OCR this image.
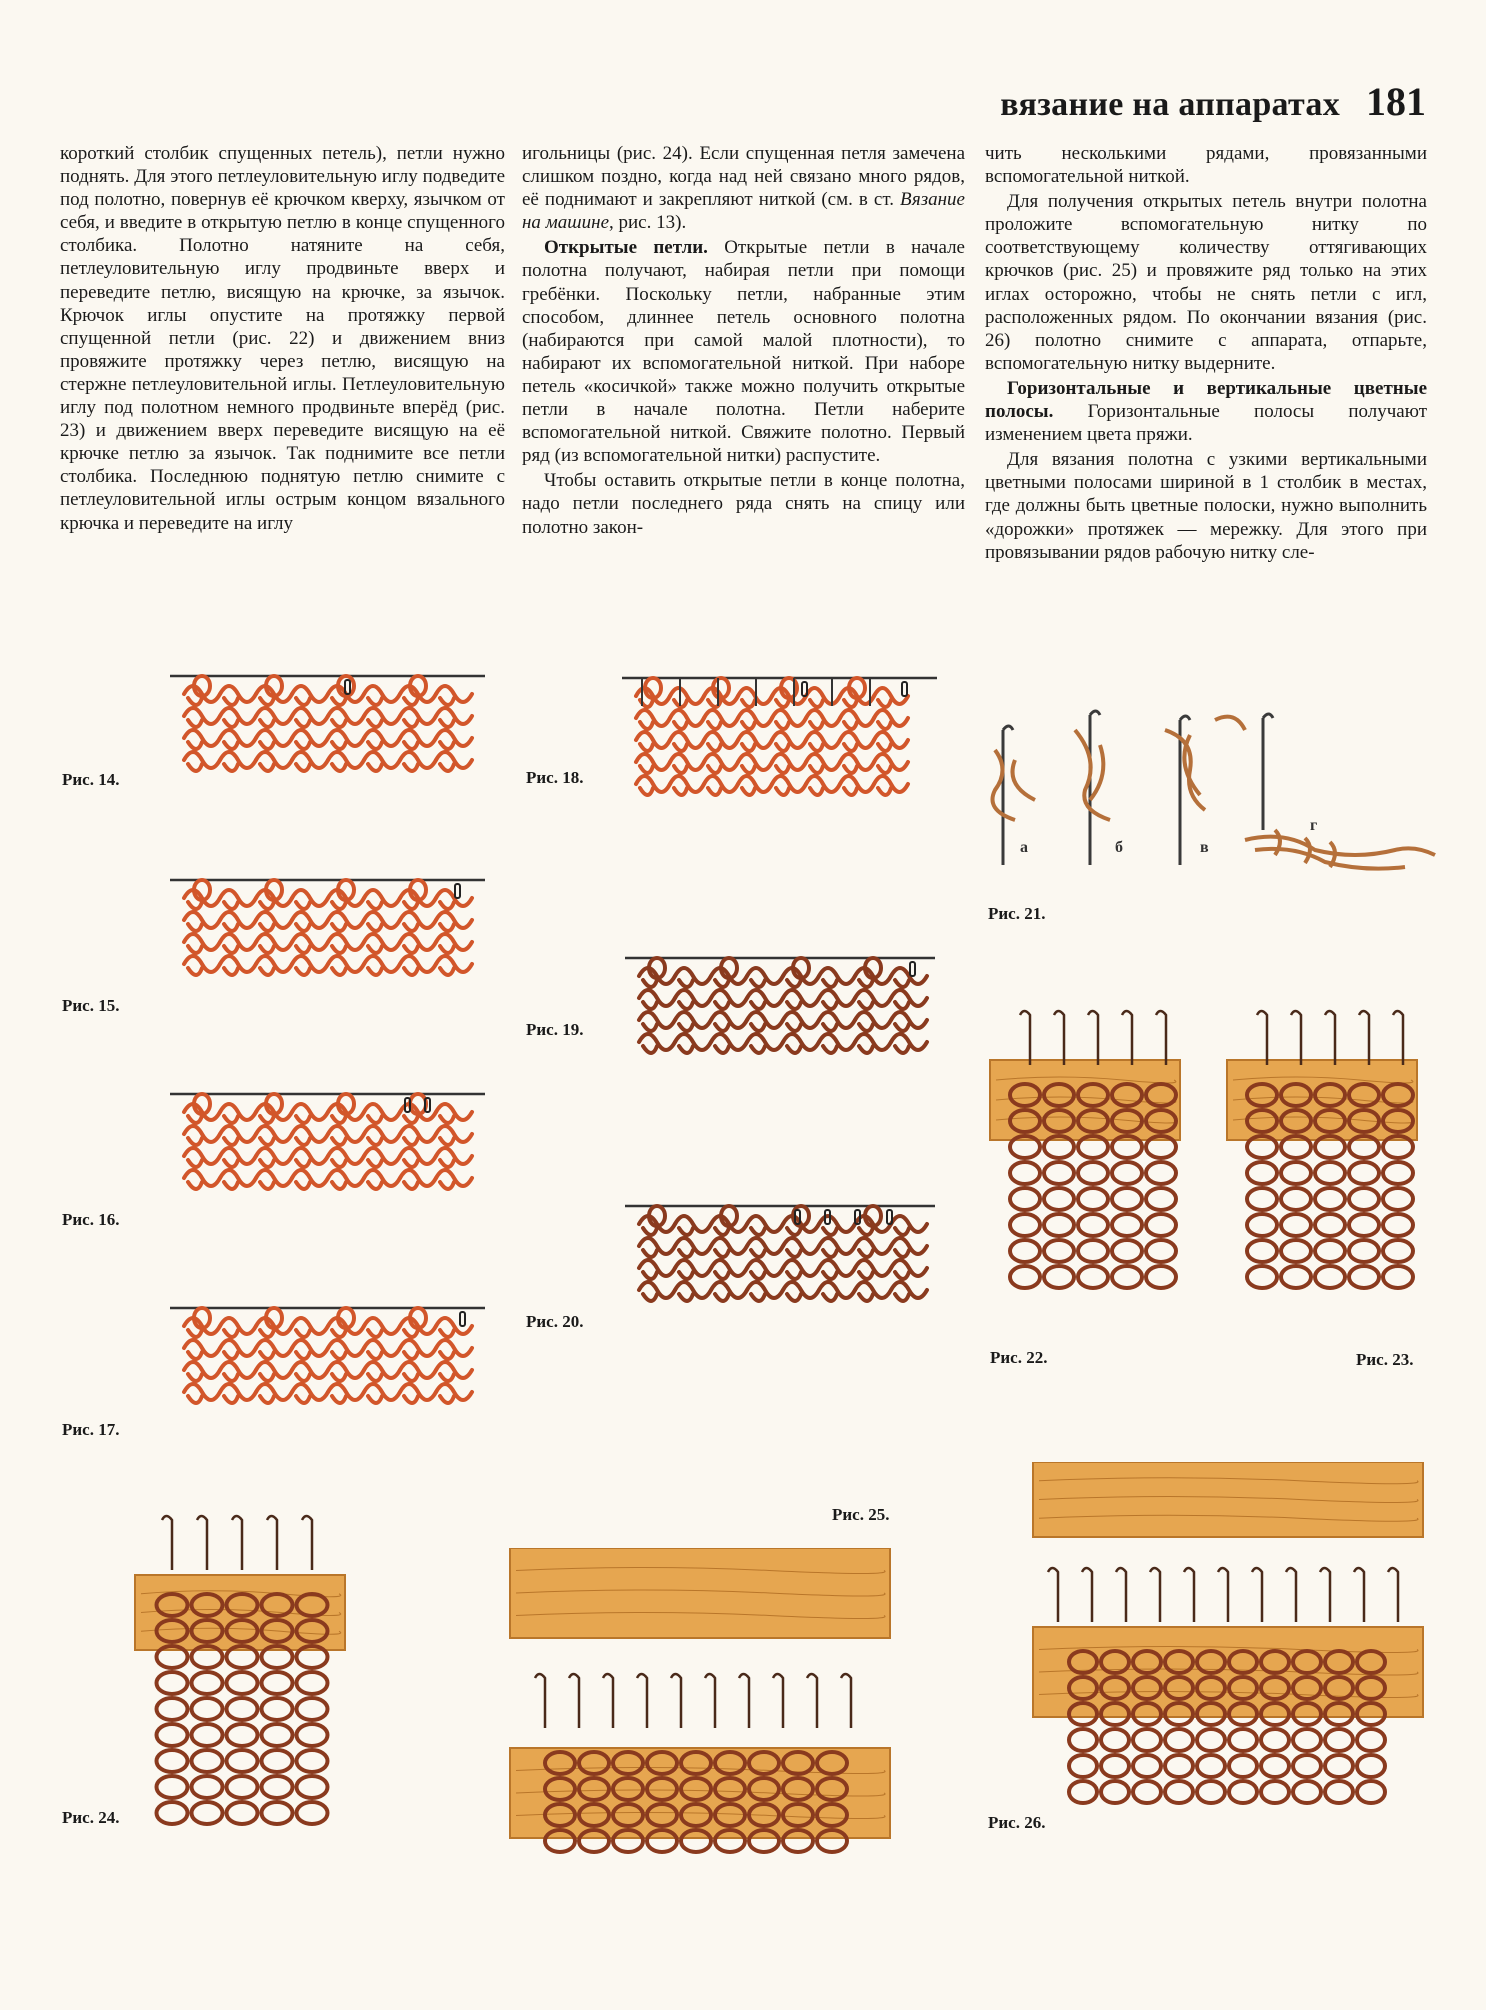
вязание на аппаратах 181

короткий столбик спущенных петель), петли нужно поднять. Для этого петлеуловительную иглу подведите под полотно, повернув её крючком кверху, язычком от себя, и введите в открытую петлю в конце спущенного столбика. Полотно натяните на себя, петлеуловительную иглу продвиньте вверх и переведите петлю, висящую на крючке, за язычок. Крючок иглы опустите на протяжку первой спущенной петли (рис. 22) и движением вниз провяжите протяжку через петлю, висящую на стержне петлеуловительной иглы. Петлеуловительную иглу под полотном немного продвиньте вперёд (рис. 23) и движением вверх переведите висящую на её крючке петлю за язычок. Так поднимите все петли столбика. Последнюю поднятую петлю снимите с петлеуловительной иглы острым концом вязального крючка и переведите на иглу

игольницы (рис. 24). Если спущенная петля замечена слишком поздно, когда над ней связано много рядов, её поднимают и закрепляют ниткой (см. в ст. Вязание на машине, рис. 13).

Открытые петли. Открытые петли в начале полотна получают, набирая петли при помощи гребёнки. Поскольку петли, набранные этим способом, длиннее петель основного полотна (набираются при самой малой плотности), то набирают их вспомогательной ниткой. При наборе петель «косичкой» также можно получить открытые петли в начале полотна. Петли наберите вспомогательной ниткой. Свяжите полотно. Первый ряд (из вспомогательной нитки) распустите.

Чтобы оставить открытые петли в конце полотна, надо петли последнего ряда снять на спицу или полотно закон-

чить несколькими рядами, провязанными вспомогательной ниткой.

Для получения открытых петель внутри полотна проложите вспомогательную нитку по соответствующему количеству оттягивающих крючков (рис. 25) и провяжите ряд только на этих иглах осторожно, чтобы не снять петли с игл, расположенных рядом. По окончании вязания (рис. 26) полотно снимите с аппарата, отпарьте, вспомогательную нитку выдерните.

Горизонтальные и вертикальные цветные полосы. Горизонтальные полосы получают изменением цвета пряжи.

Для вязания полотна с узкими вертикальными цветными полосами шириной в 1 столбик в местах, где должны быть цветные полоски, нужно выполнить «дорожки» протяжек — мережку. Для этого при провязывании рядов рабочую нитку сле-

а	б	в
г
Рис. 14.
Рис. 15.
Рис. 16.
Рис. 17.
Рис. 18.
Рис. 19.
Рис. 20.
Рис. 21.
Рис. 22.	Рис. 23.
Рис. 24.
Рис. 25.
Рис. 26.
